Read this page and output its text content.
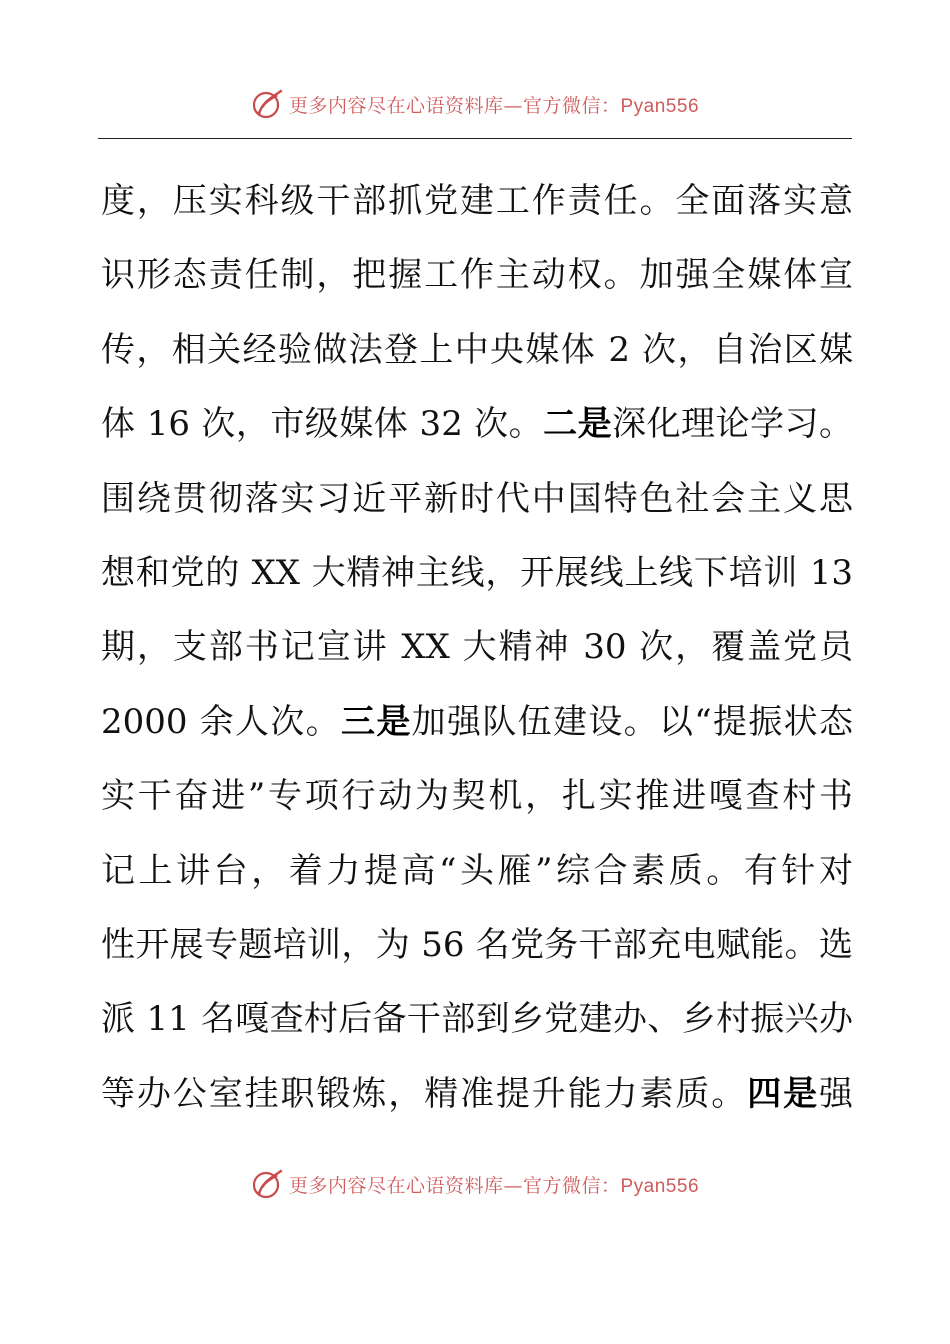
更多内容尽在心语资料库—官方微信：Pyan556
度，压实科级干部抓党建工作责任。全面落实意
识形态责任制，把握工作主动权。加强全媒体宣
传，相关经验做法登上中央媒体 2 次，自治区媒
体 16 次，市级媒体 32 次。二是深化理论学习。
围绕贯彻落实习近平新时代中国特色社会主义思
想和党的 XX 大精神主线，开展线上线下培训 13
期，支部书记宣讲 XX 大精神 30 次，覆盖党员
2000 余人次。三是加强队伍建设。以“提振状态
实干奋进”专项行动为契机，扎实推进嘎查村书
记上讲台，着力提高“头雁”综合素质。有针对
性开展专题培训，为 56 名党务干部充电赋能。选
派 11 名嘎查村后备干部到乡党建办、乡村振兴办
等办公室挂职锻炼，精准提升能力素质。四是强
更多内容尽在心语资料库—官方微信：Pyan556
